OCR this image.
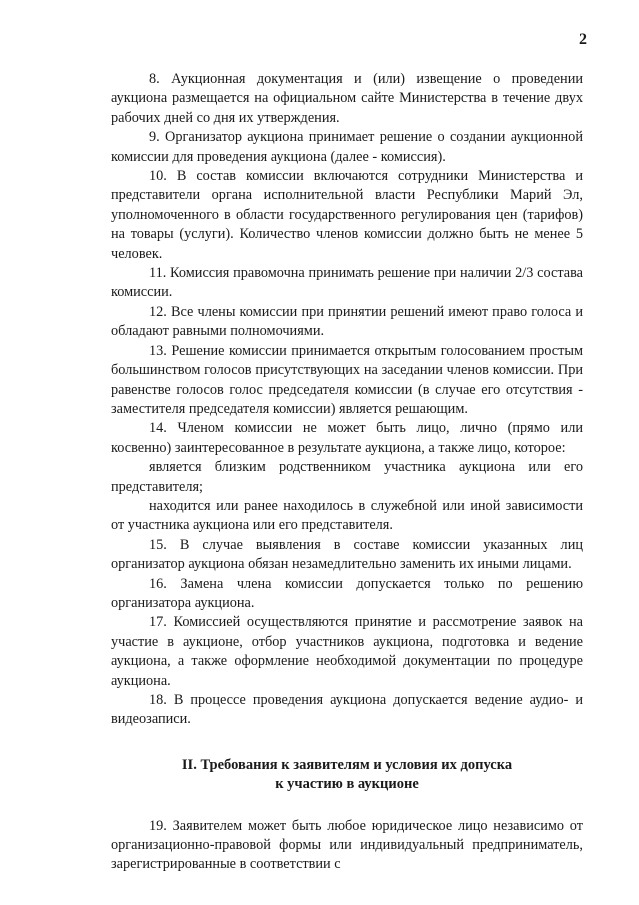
2

8. Аукционная документация и (или) извещение о проведении аукциона размещается на официальном сайте Министерства в течение двух рабочих дней со дня их утверждения.

9. Организатор аукциона принимает решение о создании аукционной комиссии для проведения аукциона (далее - комиссия).

10. В состав комиссии включаются сотрудники Министерства и представители органа исполнительной власти Республики Марий Эл, уполномоченного в области государственного регулирования цен (тарифов) на товары (услуги). Количество членов комиссии должно быть не менее 5 человек.

11. Комиссия правомочна принимать решение при наличии 2/3 состава комиссии.

12. Все члены комиссии при принятии решений имеют право голоса и обладают равными полномочиями.

13. Решение комиссии принимается открытым голосованием простым большинством голосов присутствующих на заседании членов комиссии. При равенстве голосов голос председателя комиссии (в случае его отсутствия - заместителя председателя комиссии) является решающим.

14. Членом комиссии не может быть лицо, лично (прямо или косвенно) заинтересованное в результате аукциона, а также лицо, которое:

является близким родственником участника аукциона или его представителя;

находится или ранее находилось в служебной или иной зависимости от участника аукциона или его представителя.

15. В случае выявления в составе комиссии указанных лиц организатор аукциона обязан незамедлительно заменить их иными лицами.

16. Замена члена комиссии допускается только по решению организатора аукциона.

17. Комиссией осуществляются принятие и рассмотрение заявок на участие в аукционе, отбор участников аукциона, подготовка и ведение аукциона, а также оформление необходимой документации по процедуре аукциона.

18. В процессе проведения аукциона допускается ведение аудио- и видеозаписи.

II. Требования к заявителям и условия их допуска
к участию в аукционе

19. Заявителем может быть любое юридическое лицо независимо от организационно-правовой формы или индивидуальный предприниматель, зарегистрированные в соответствии с
